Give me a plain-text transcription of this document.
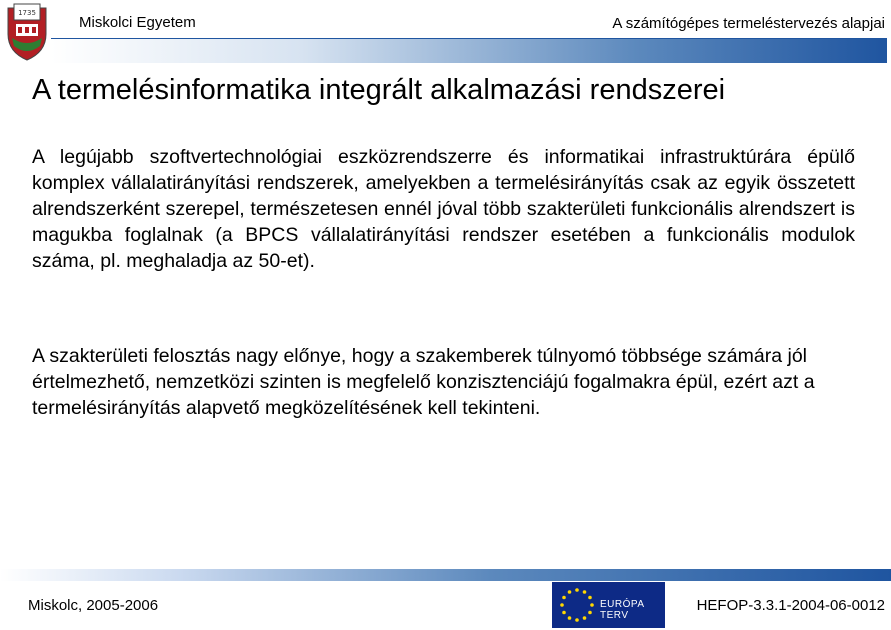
1735
Miskolci Egyetem	A számítógépes termeléstervezés alapjai
A termelésinformatika integrált alkalmazási rendszerei

A legújabb szoftvertechnológiai eszközrendszerre és informatikai infrastruktúrára épülő komplex vállalatirányítási rendszerek, amelyekben a termelésirányítás csak az egyik összetett alrendszerként szerepel, természetesen ennél jóval több szakterületi funkcionális alrendszert is magukba foglalnak (a BPCS vállalatirányítási rendszer esetében a funkcionális modulok száma, pl. meghaladja az 50-et).

A szakterületi felosztás nagy előnye, hogy a szakemberek túlnyomó többsége számára jól értelmezhető, nemzetközi szinten is megfelelő konzisztenciájú fogalmakra épül, ezért azt a termelésirányítás alapvető megközelítésének kell tekinteni.

Miskolc, 2005-2006	EURÓPA TERV
HEFOP-3.3.1-2004-06-0012
